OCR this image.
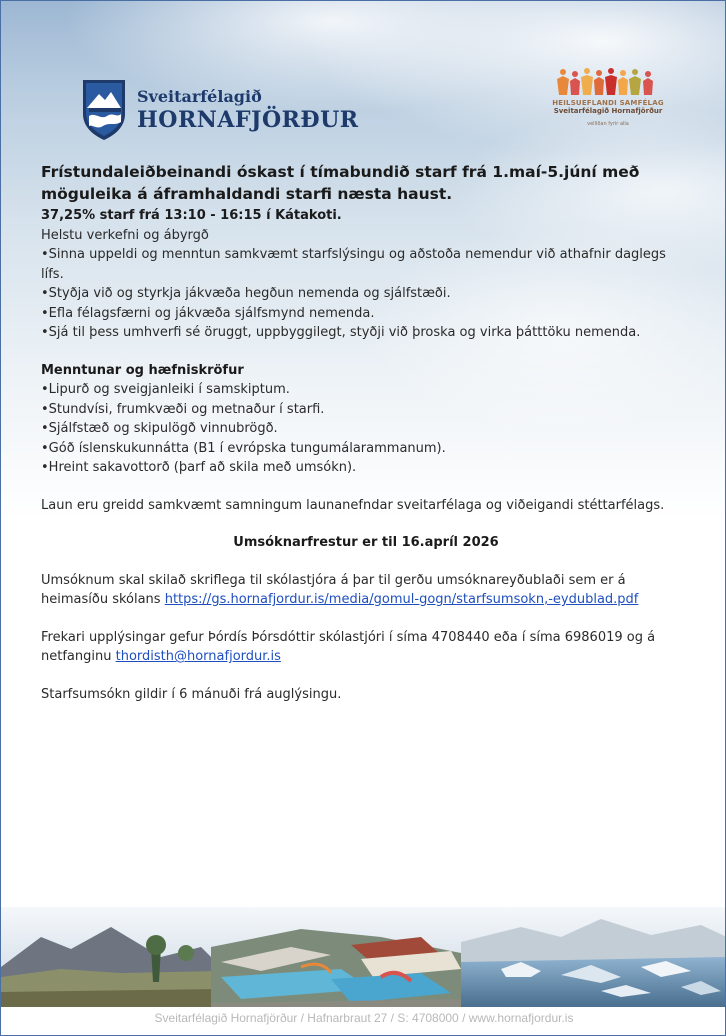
Sveitarfélagið
HORNAFJÖRÐUR
HEILSUEFLANDI SAMFÉLAG
Sveitarfélagið Hornafjörður
velliðan fyrir alla
Frístundaleiðbeinandi óskast í tímabundið starf frá 1.maí-5.júní með möguleika á áframhaldandi starfi næsta haust.
37,25% starf frá 13:10 - 16:15 í Kátakoti.
Helstu verkefni og ábyrgð
•Sinna uppeldi og menntun samkvæmt starfslýsingu og aðstoða nemendur við athafnir daglegs lífs.
•Styðja við og styrkja jákvæða hegðun nemenda og sjálfstæði.
•Efla félagsfærni og jákvæða sjálfsmynd nemenda.
•Sjá til þess umhverfi sé öruggt, uppbyggilegt, styðji við þroska og virka þátttöku nemenda.
Menntunar og hæfniskröfur
•Lipurð og sveigjanleiki í samskiptum.
•Stundvísi, frumkvæði og metnaður í starfi.
•Sjálfstæð og skipulögð vinnubrögð.
•Góð íslenskukunnátta (B1 í evrópska tungumálarammanum).
•Hreint sakavottorð (þarf að skila með umsókn).
Laun eru greidd samkvæmt samningum launanefndar sveitarfélaga og viðeigandi stéttarfélags.
Umsóknarfrestur er til 16.apríl 2026
Umsóknum skal skilað skriflega til skólastjóra á þar til gerðu umsóknareyðublaði sem er á heimasíðu skólans https://gs.hornafjordur.is/media/gomul-gogn/starfsumsokn,-eydublad.pdf
Frekari upplýsingar gefur Þórdís Þórsdóttir skólastjóri í síma 4708440 eða í síma 6986019 og á netfanginu thordisth@hornafjordur.is
Starfsumsókn gildir í 6 mánuði frá auglýsingu.
Sveitarfélagið Hornafjörður / Hafnarbraut 27 / S: 4708000 / www.hornafjordur.is
